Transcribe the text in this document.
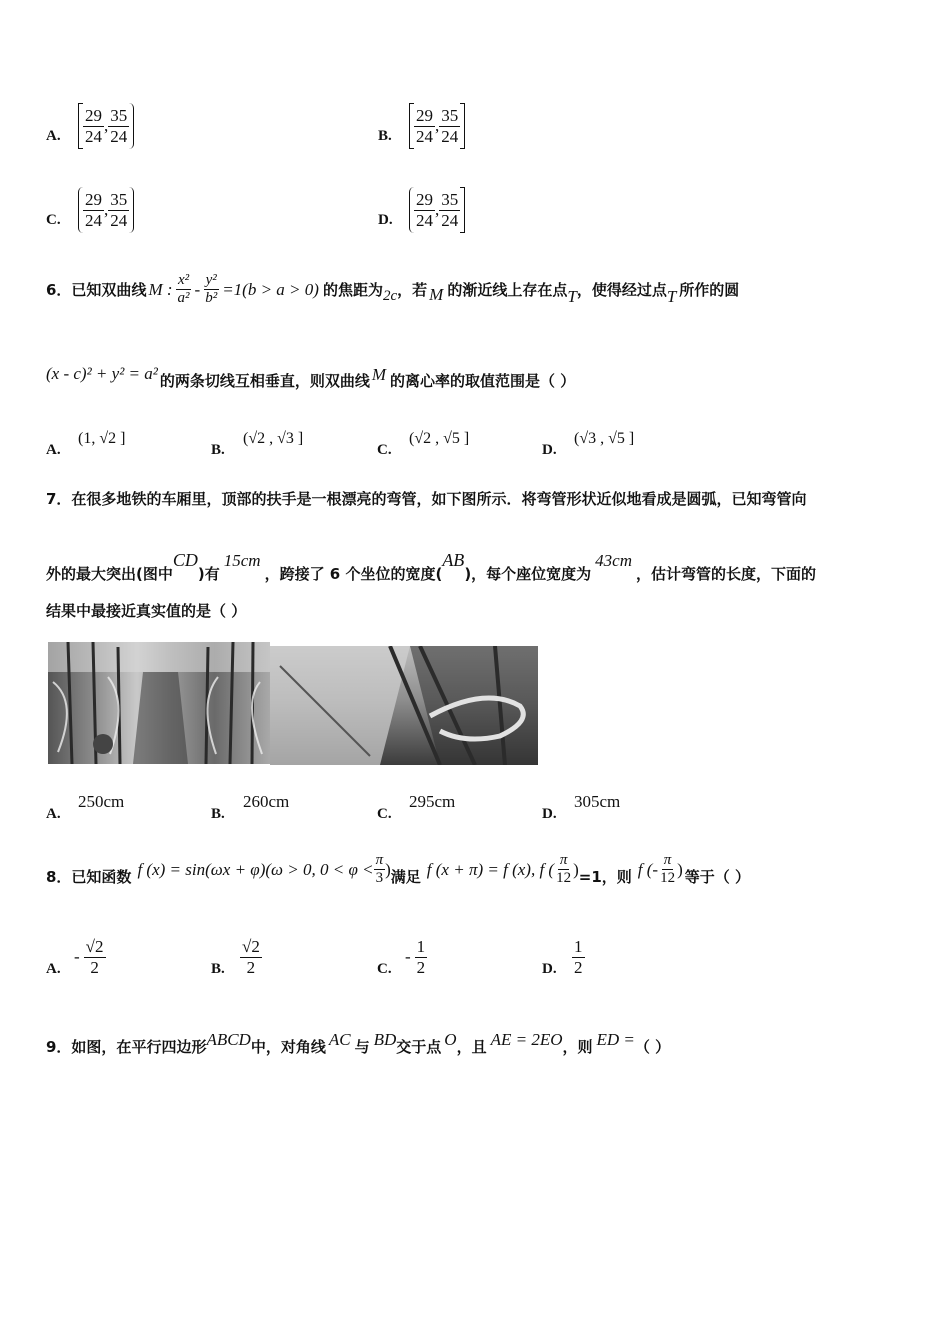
A. $\frac{29}{24}$ , $\frac{35}{24}$	B. $\frac{29}{24}$ , $\frac{35}{24}$
C. $\frac{29}{24}$ , $\frac{35}{24}$	D. $\frac{29}{24}$ , $\frac{35}{24}$
6．已知双曲线 M : $\frac{\text{x²}}{\text{a²}} - \frac{\text{y²}}{\text{b²}} =1(b > a > 0)$ 的焦距为 2c ，若 M 的渐近线上存在点 T ，使得经过点 T 所作的圆
(x - c)² + y² = a² 的两条切线互相垂直，则双曲线 M 的离心率的取值范围是（ ）
A.
(1, √2 ]
B.
(√2 , √3 ]
C.
(√2 , √5 ]
D.
(√3 , √5 ]
7．在很多地铁的车厢里，顶部的扶手是一根漂亮的弯管，如下图所示．将弯管形状近似地看成是圆弧，已知弯管向
外的最大突出(图中
CD
)有
15cm
，跨接了 6 个坐位的宽度(
AB
)，每个座位宽度为
43cm
，估计弯管的长度，下面的
结果中最接近真实值的是（ ）
A.
250cm
B.
260cm
C.
295cm
D.
305cm
8．已知函数 f (x) = sin(ωx + φ)(ω > 0, $0 < \varphi < \frac{\pi}{3}$ ) 满足 f (x + π) = f (x), f ( $\frac{\pi}{12}$ ) =1，则 f (- $\frac{\pi}{12}$ ) 等于（ ）
A.
- $\frac{√2}{2}$	B. $\frac{√2}{2}$	C.
- $\frac{1}{2}$	D. $\frac{1}{2}$
9．如图，在平行四边形 ABCD 中，对角线 AC 与 BD 交于点 O ，且 AE = 2EO ，则 ED = （ ）
